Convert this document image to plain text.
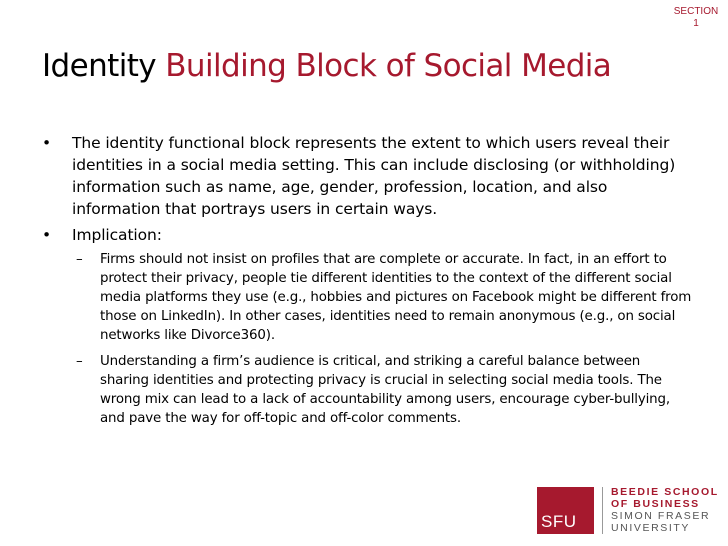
SECTION
1
Identity Building Block of Social Media
•	The identity functional block represents the extent to which users reveal their identities in a social media setting. This can include disclosing (or withholding) information such as name, age, gender, profession, location, and also information that portrays users in certain ways.
•	Implication:
–	Firms should not insist on profiles that are complete or accurate. In fact, in an effort to protect their privacy, people tie different identities to the context of the different social media platforms they use (e.g., hobbies and pictures on Facebook might be different from those on LinkedIn). In other cases, identities need to remain anonymous (e.g., on social networks like Divorce360).
–	Understanding a firm’s audience is critical, and striking a careful balance between sharing identities and protecting privacy is crucial in selecting social media tools. The wrong mix can lead to a lack of accountability among users, encourage cyber-bullying, and pave the way for off-topic and off-color comments.
SFU
BEEDIE SCHOOL
OF BUSINESS
SIMON FRASER
UNIVERSITY
